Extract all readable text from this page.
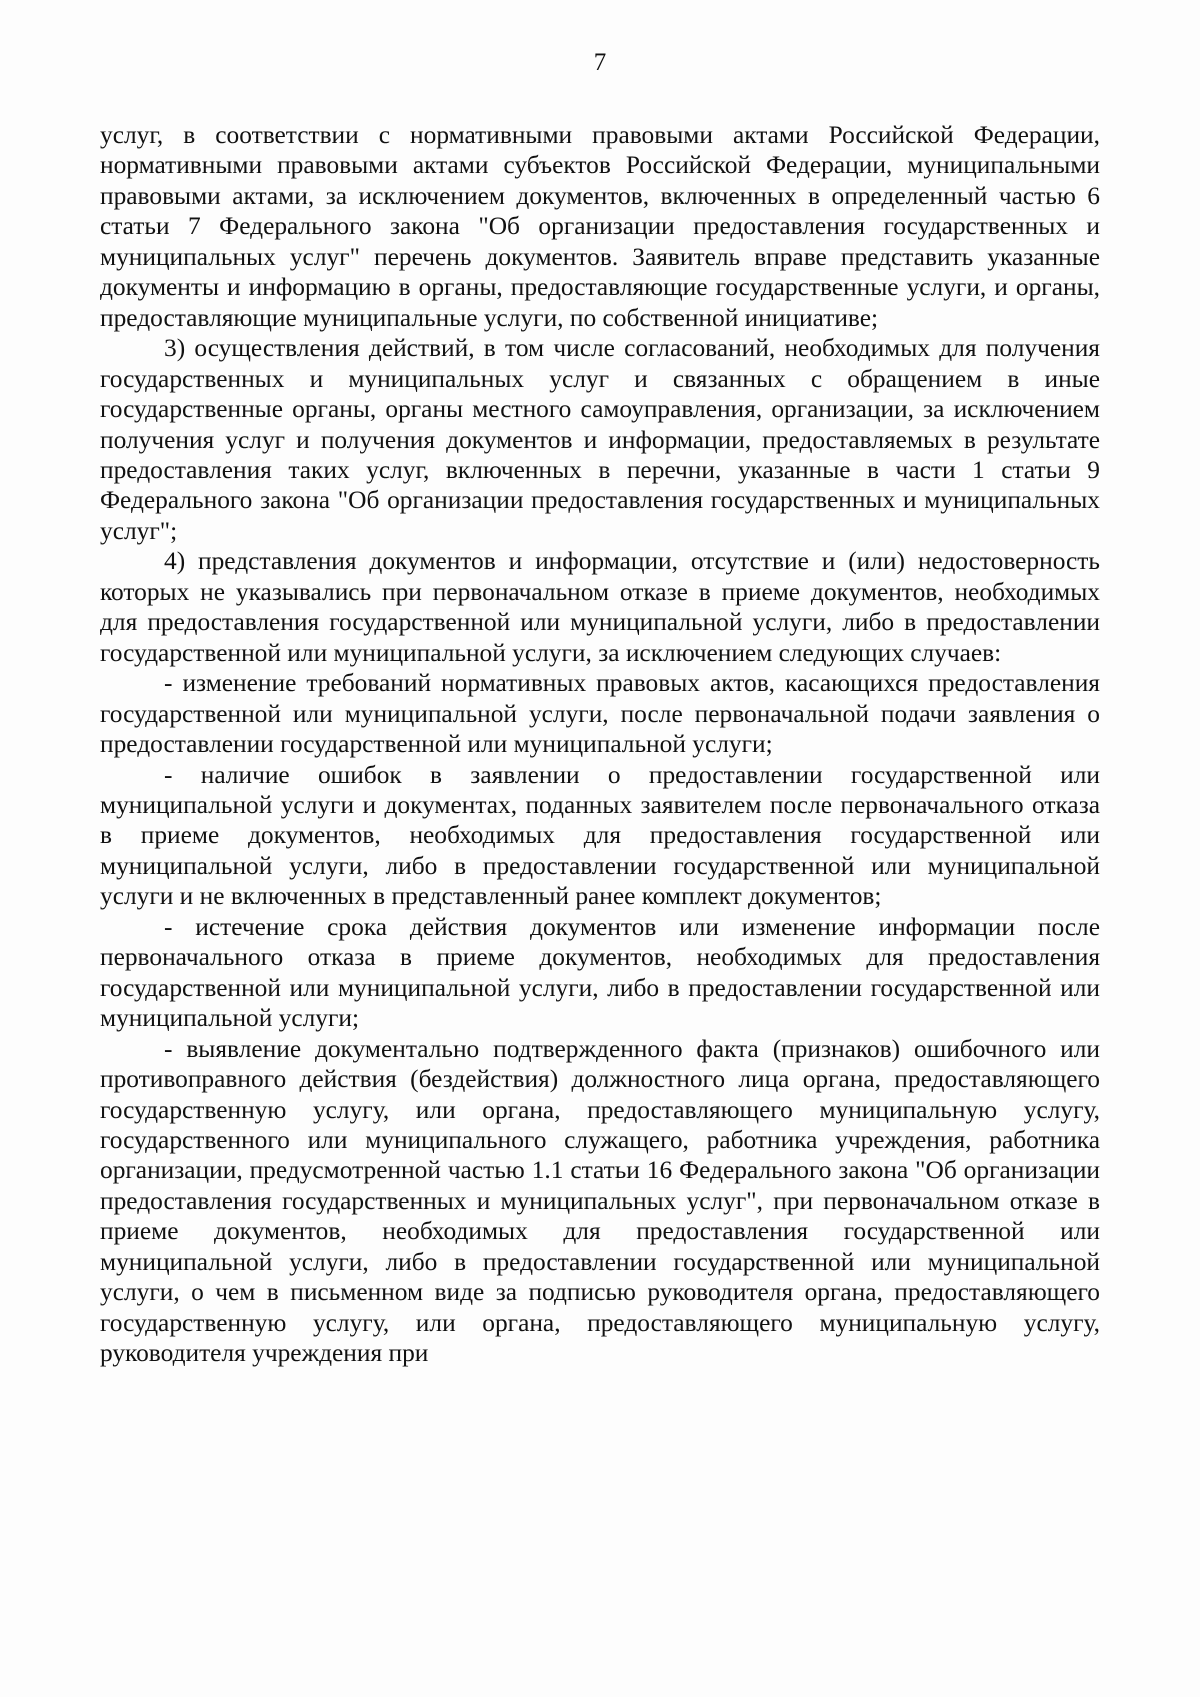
7

услуг, в соответствии с нормативными правовыми актами Российской Федерации, нормативными правовыми актами субъектов Российской Федерации, муниципальными правовыми актами, за исключением документов, включенных в определенный частью 6 статьи 7 Федерального закона "Об организации предоставления государственных и муниципальных услуг" перечень документов. Заявитель вправе представить указанные документы и информацию в органы, предоставляющие государственные услуги, и органы, предоставляющие муниципальные услуги, по собственной инициативе;

3) осуществления действий, в том числе согласований, необходимых для получения государственных и муниципальных услуг и связанных с обращением в иные государственные органы, органы местного самоуправления, организации, за исключением получения услуг и получения документов и информации, предоставляемых в результате предоставления таких услуг, включенных в перечни, указанные в части 1 статьи 9 Федерального закона "Об организации предоставления государственных и муниципальных услуг";

4) представления документов и информации, отсутствие и (или) недостоверность которых не указывались при первоначальном отказе в приеме документов, необходимых для предоставления государственной или муниципальной услуги, либо в предоставлении государственной или муниципальной услуги, за исключением следующих случаев:

- изменение требований нормативных правовых актов, касающихся предоставления государственной или муниципальной услуги, после первоначальной подачи заявления о предоставлении государственной или муниципальной услуги;

- наличие ошибок в заявлении о предоставлении государственной или муниципальной услуги и документах, поданных заявителем после первоначального отказа в приеме документов, необходимых для предоставления государственной или муниципальной услуги, либо в предоставлении государственной или муниципальной услуги и не включенных в представленный ранее комплект документов;

- истечение срока действия документов или изменение информации после первоначального отказа в приеме документов, необходимых для предоставления государственной или муниципальной услуги, либо в предоставлении государственной или муниципальной услуги;

- выявление документально подтвержденного факта (признаков) ошибочного или противоправного действия (бездействия) должностного лица органа, предоставляющего государственную услугу, или органа, предоставляющего муниципальную услугу, государственного или муниципального служащего, работника учреждения, работника организации, предусмотренной частью 1.1 статьи 16 Федерального закона "Об организации предоставления государственных и муниципальных услуг", при первоначальном отказе в приеме документов, необходимых для предоставления государственной или муниципальной услуги, либо в предоставлении государственной или муниципальной услуги, о чем в письменном виде за подписью руководителя органа, предоставляющего государственную услугу, или органа, предоставляющего муниципальную услугу, руководителя учреждения при
